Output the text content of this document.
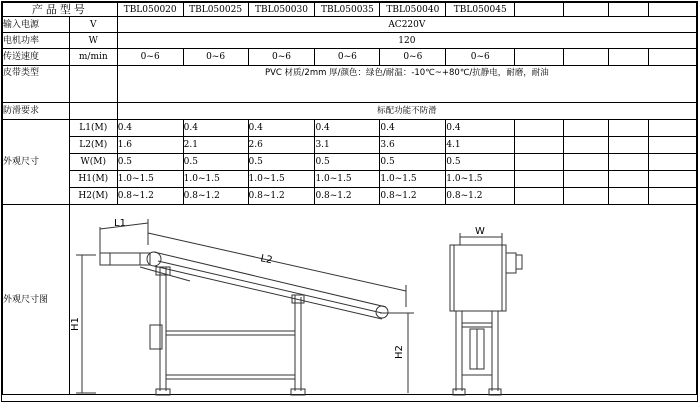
产品型号		TBL050020	TBL050025	TBL050030	TBL050035	TBL050040	TBL050045				
输入电源	V	AC220V									
电机功率	W	120									
传送速度	m/min	0~6	0~6	0~6	0~6	0~6	0~6				
皮带类型		PVC 材质/2mm 厚/颜色：绿色/耐温：-10℃~+80℃/抗静电，耐磨，耐油									
防滑要求		标配功能不防滑									
外观尺寸	L1(M)	0.4	0.4	0.4	0.4	0.4	0.4				
	L2(M)	1.6	2.1	2.6	3.1	3.6	4.1				
	W(M)	0.5	0.5	0.5	0.5	0.5	0.5				
	H1(M)	1.0~1.5	1.0~1.5	1.0~1.5	1.0~1.5	1.0~1.5	1.0~1.5				
	H2(M)	0.8~1.2	0.8~1.2	0.8~1.2	0.8~1.2	0.8~1.2	0.8~1.2				
外观尺寸图											
L1
L2
H1
H2
W
